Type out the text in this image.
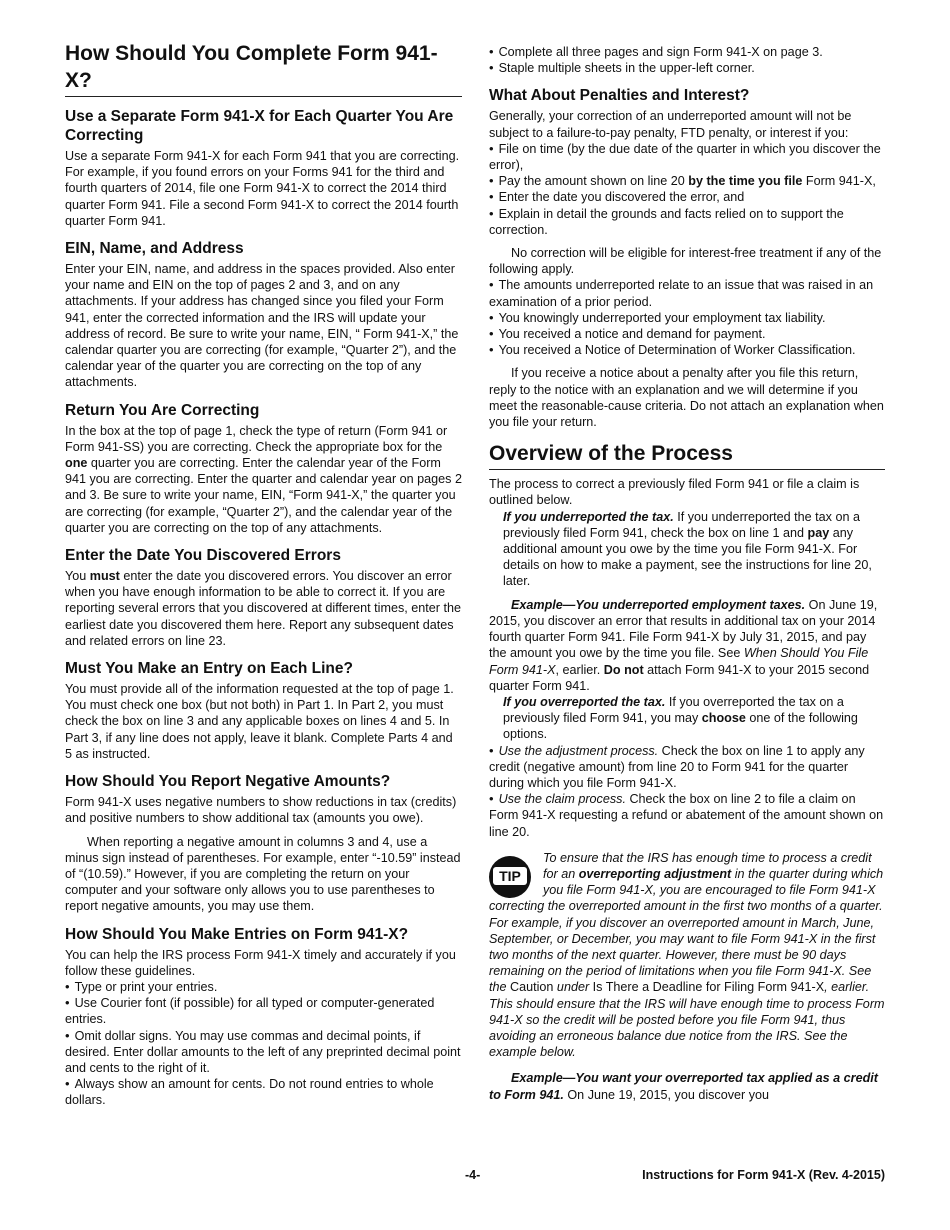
How Should You Complete Form 941-X?
Use a Separate Form 941-X for Each Quarter You Are Correcting

Use a separate Form 941-X for each Form 941 that you are correcting. For example, if you found errors on your Forms 941 for the third and fourth quarters of 2014, file one Form 941-X to correct the 2014 third quarter Form 941. File a second Form 941-X to correct the 2014 fourth quarter Form 941.

EIN, Name, and Address

Enter your EIN, name, and address in the spaces provided. Also enter your name and EIN on the top of pages 2 and 3, and on any attachments. If your address has changed since you filed your Form 941, enter the corrected information and the IRS will update your address of record. Be sure to write your name, EIN, “ Form 941-X,” the calendar quarter you are correcting (for example, “Quarter 2”), and the calendar year of the quarter you are correcting on the top of any attachments.

Return You Are Correcting

In the box at the top of page 1, check the type of return (Form 941 or Form 941-SS) you are correcting. Check the appropriate box for the one quarter you are correcting. Enter the calendar year of the Form 941 you are correcting. Enter the quarter and calendar year on pages 2 and 3. Be sure to write your name, EIN, “Form 941-X,” the quarter you are correcting (for example, “Quarter 2”), and the calendar year of the quarter you are correcting on the top of any attachments.

Enter the Date You Discovered Errors

You must enter the date you discovered errors. You discover an error when you have enough information to be able to correct it. If you are reporting several errors that you discovered at different times, enter the earliest date you discovered them here. Report any subsequent dates and related errors on line 23.

Must You Make an Entry on Each Line?

You must provide all of the information requested at the top of page 1. You must check one box (but not both) in Part 1. In Part 2, you must check the box on line 3 and any applicable boxes on lines 4 and 5. In Part 3, if any line does not apply, leave it blank. Complete Parts 4 and 5 as instructed.

How Should You Report Negative Amounts?

Form 941-X uses negative numbers to show reductions in tax (credits) and positive numbers to show additional tax (amounts you owe).

When reporting a negative amount in columns 3 and 4, use a minus sign instead of parentheses. For example, enter “-10.59” instead of “(10.59).” However, if you are completing the return on your computer and your software only allows you to use parentheses to report negative amounts, you may use them.

How Should You Make Entries on Form 941-X?

You can help the IRS process Form 941-X timely and accurately if you follow these guidelines.

• Type or print your entries.

• Use Courier font (if possible) for all typed or computer-generated entries.

• Omit dollar signs. You may use commas and decimal points, if desired. Enter dollar amounts to the left of any preprinted decimal point and cents to the right of it.

• Always show an amount for cents. Do not round entries to whole dollars.

• Complete all three pages and sign Form 941-X on page 3.

• Staple multiple sheets in the upper-left corner.

What About Penalties and Interest?

Generally, your correction of an underreported amount will not be subject to a failure-to-pay penalty, FTD penalty, or interest if you:

• File on time (by the due date of the quarter in which you discover the error),

• Pay the amount shown on line 20 by the time you file Form 941-X,

• Enter the date you discovered the error, and

• Explain in detail the grounds and facts relied on to support the correction.

No correction will be eligible for interest-free treatment if any of the following apply.

• The amounts underreported relate to an issue that was raised in an examination of a prior period.

• You knowingly underreported your employment tax liability.

• You received a notice and demand for payment.

• You received a Notice of Determination of Worker Classification.

If you receive a notice about a penalty after you file this return, reply to the notice with an explanation and we will determine if you meet the reasonable-cause criteria. Do not attach an explanation when you file your return.

Overview of the Process

The process to correct a previously filed Form 941 or file a claim is outlined below.

If you underreported the tax. If you underreported the tax on a previously filed Form 941, check the box on line 1 and pay any additional amount you owe by the time you file Form 941-X. For details on how to make a payment, see the instructions for line 20, later.

Example—You underreported employment taxes. On June 19, 2015, you discover an error that results in additional tax on your 2014 fourth quarter Form 941. File Form 941-X by July 31, 2015, and pay the amount you owe by the time you file. See When Should You File Form 941-X, earlier. Do not attach Form 941-X to your 2015 second quarter Form 941.

If you overreported the tax. If you overreported the tax on a previously filed Form 941, you may choose one of the following options.

• Use the adjustment process. Check the box on line 1 to apply any credit (negative amount) from line 20 to Form 941 for the quarter during which you file Form 941-X.

• Use the claim process. Check the box on line 2 to file a claim on Form 941-X requesting a refund or abatement of the amount shown on line 20.

TIP

To ensure that the IRS has enough time to process a credit for an overreporting adjustment in the quarter during which you file Form 941-X, you are encouraged to file Form 941-X correcting the overreported amount in the first two months of a quarter. For example, if you discover an overreported amount in March, June, September, or December, you may want to file Form 941-X in the first two months of the next quarter. However, there must be 90 days remaining on the period of limitations when you file Form 941-X. See the Caution under Is There a Deadline for Filing Form 941-X, earlier. This should ensure that the IRS will have enough time to process Form 941-X so the credit will be posted before you file Form 941, thus avoiding an erroneous balance due notice from the IRS. See the example below.

Example—You want your overreported tax applied as a credit to Form 941. On June 19, 2015, you discover you

-4-	Instructions for Form 941-X (Rev. 4-2015)
